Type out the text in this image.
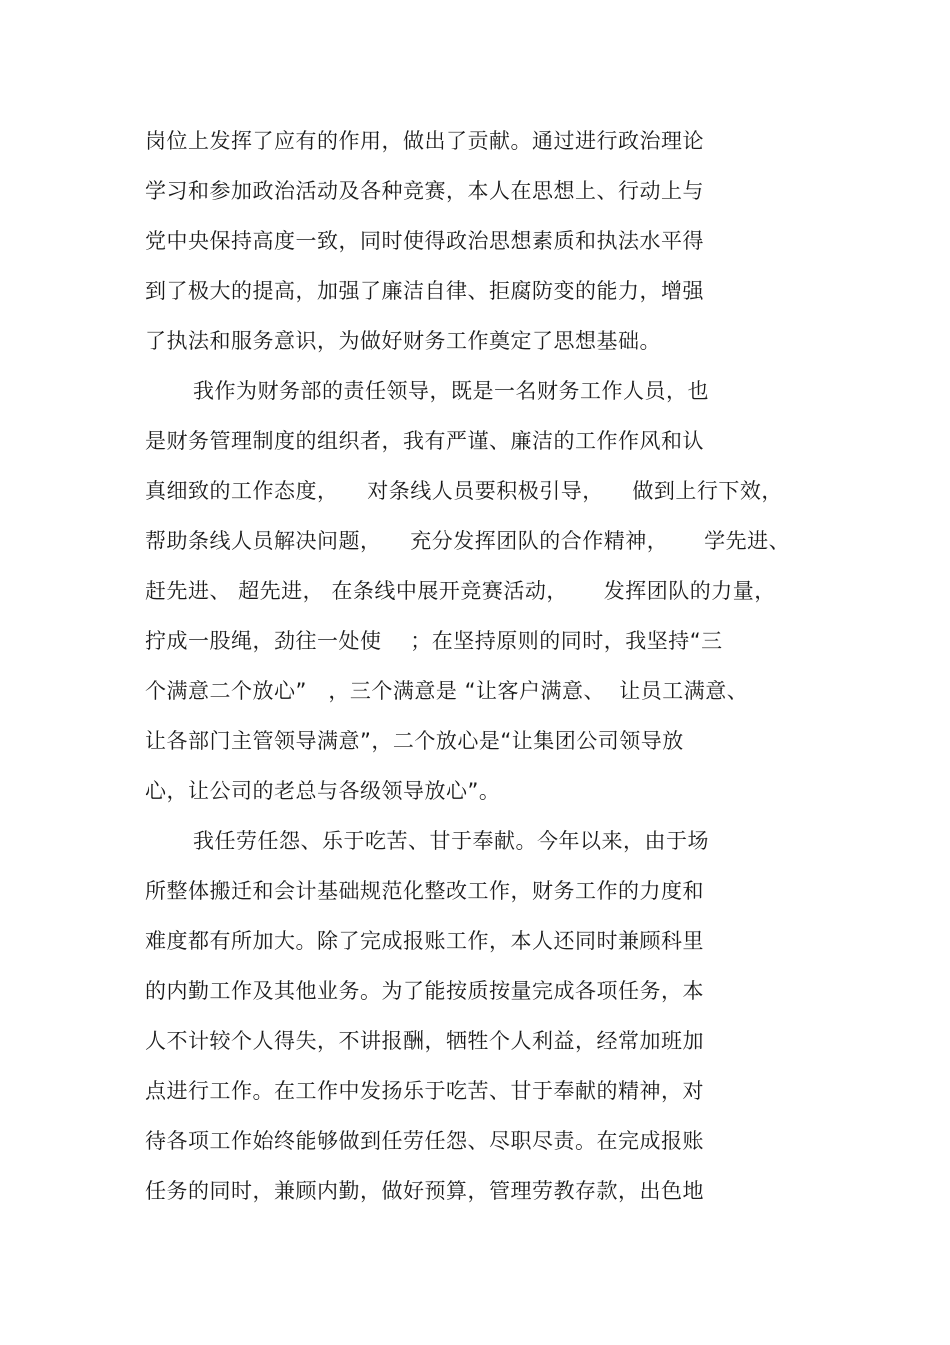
岗位上发挥了应有的作用，做出了贡献。通过进行政治理论
学习和参加政治活动及各种竞赛，本人在思想上、行动上与
党中央保持高度一致，同时使得政治思想素质和执法水平得
到了极大的提高，加强了廉洁自律、拒腐防变的能力，增强
了执法和服务意识，为做好财务工作奠定了思想基础。
我作为财务部的责任领导，既是一名财务工作人员，也
是财务管理制度的组织者，我有严谨、廉洁的工作作风和认
真细致的工作态度，    对条线人员要积极引导，    做到上行下效，
帮助条线人员解决问题，    充分发挥团队的合作精神，     学先进、
赶先进、 超先进， 在条线中展开竞赛活动，     发挥团队的力量，
拧成一股绳，劲往一处使    ；在坚持原则的同时，我坚持“三
个满意二个放心”   ，三个满意是 “让客户满意、  让员工满意、
让各部门主管领导满意”，二个放心是“让集团公司领导放
心，让公司的老总与各级领导放心”。
我任劳任怨、乐于吃苦、甘于奉献。今年以来，由于场
所整体搬迁和会计基础规范化整改工作，财务工作的力度和
难度都有所加大。除了完成报账工作，本人还同时兼顾科里
的内勤工作及其他业务。为了能按质按量完成各项任务，本
人不计较个人得失，不讲报酬，牺牲个人利益，经常加班加
点进行工作。在工作中发扬乐于吃苦、甘于奉献的精神，对
待各项工作始终能够做到任劳任怨、尽职尽责。在完成报账
任务的同时，兼顾内勤，做好预算，管理劳教存款，出色地
